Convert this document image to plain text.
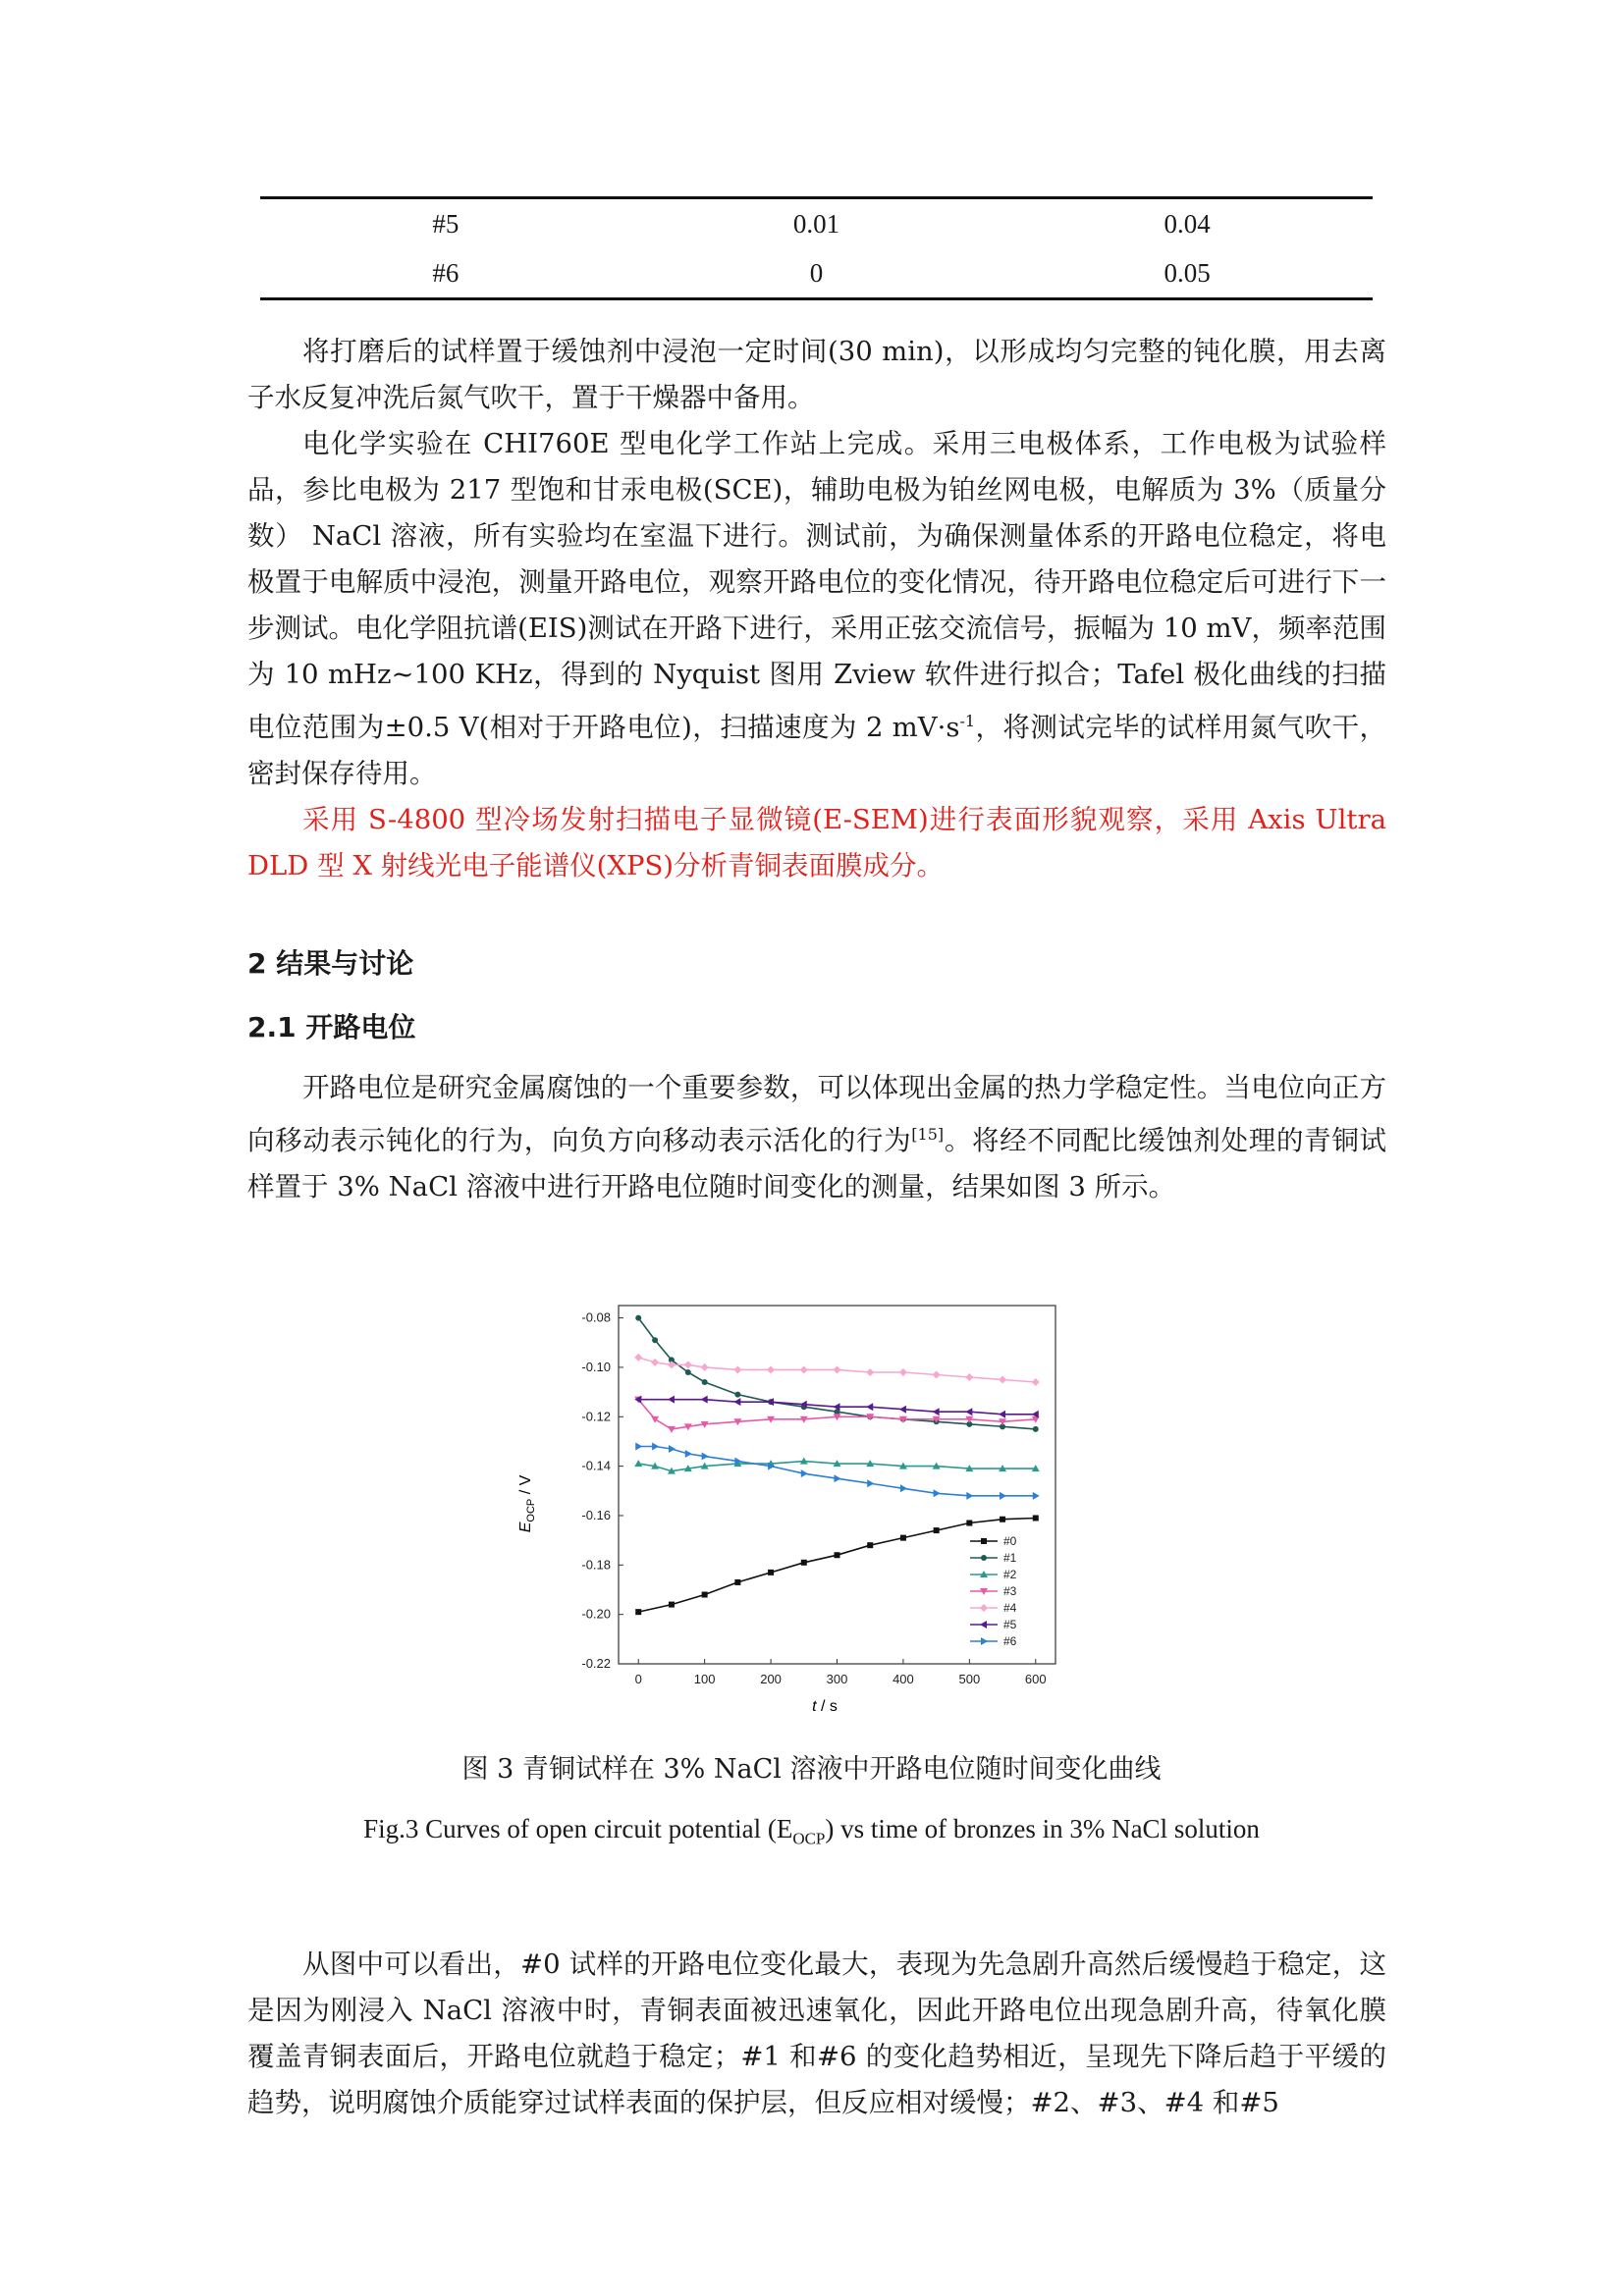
#5	0.01	0.04
#6	0	0.05

将打磨后的试样置于缓蚀剂中浸泡一定时间(30 min)，以形成均匀完整的钝化膜，用去离子水反复冲洗后氮气吹干，置于干燥器中备用。

电化学实验在 CHI760E 型电化学工作站上完成。采用三电极体系，工作电极为试验样品，参比电极为 217 型饱和甘汞电极(SCE)，辅助电极为铂丝网电极，电解质为 3%（质量分数） NaCl 溶液，所有实验均在室温下进行。测试前，为确保测量体系的开路电位稳定，将电极置于电解质中浸泡，测量开路电位，观察开路电位的变化情况，待开路电位稳定后可进行下一步测试。电化学阻抗谱(EIS)测试在开路下进行，采用正弦交流信号，振幅为 10 mV，频率范围为 10 mHz~100 KHz，得到的 Nyquist 图用 Zview 软件进行拟合；Tafel 极化曲线的扫描电位范围为±0.5 V(相对于开路电位)，扫描速度为 2 $mV\cdot s^{-1}$，将测试完毕的试样用氮气吹干，密封保存待用。

采用 S-4800 型冷场发射扫描电子显微镜(E-SEM)进行表面形貌观察，采用 Axis Ultra DLD 型 X 射线光电子能谱仪(XPS)分析青铜表面膜成分。

2 结果与讨论
2.1 开路电位

开路电位是研究金属腐蚀的一个重要参数，可以体现出金属的热力学稳定性。当电位向正方向移动表示钝化的行为，向负方向移动表示活化的行为[15]。将经不同配比缓蚀剂处理的青铜试样置于 3% NaCl 溶液中进行开路电位随时间变化的测量，结果如图 3 所示。

0	100	200	300	400	500	600
-0.08
-0.10
-0.12
-0.14
-0.16
-0.18
-0.20
-0.22
#0
#1
#2
#3
#4
#5
#6
t / s
$E_{OCP}$ / V
图 3 青铜试样在 3% NaCl 溶液中开路电位随时间变化曲线
Fig.3 Curves of open circuit potential $(E_{OCP})$ vs time of bronzes in 3% NaCl solution

从图中可以看出，#0 试样的开路电位变化最大，表现为先急剧升高然后缓慢趋于稳定，这是因为刚浸入 NaCl 溶液中时，青铜表面被迅速氧化，因此开路电位出现急剧升高，待氧化膜覆盖青铜表面后，开路电位就趋于稳定；#1 和#6 的变化趋势相近，呈现先下降后趋于平缓的趋势，说明腐蚀介质能穿过试样表面的保护层，但反应相对缓慢；#2、#3、#4 和#5
